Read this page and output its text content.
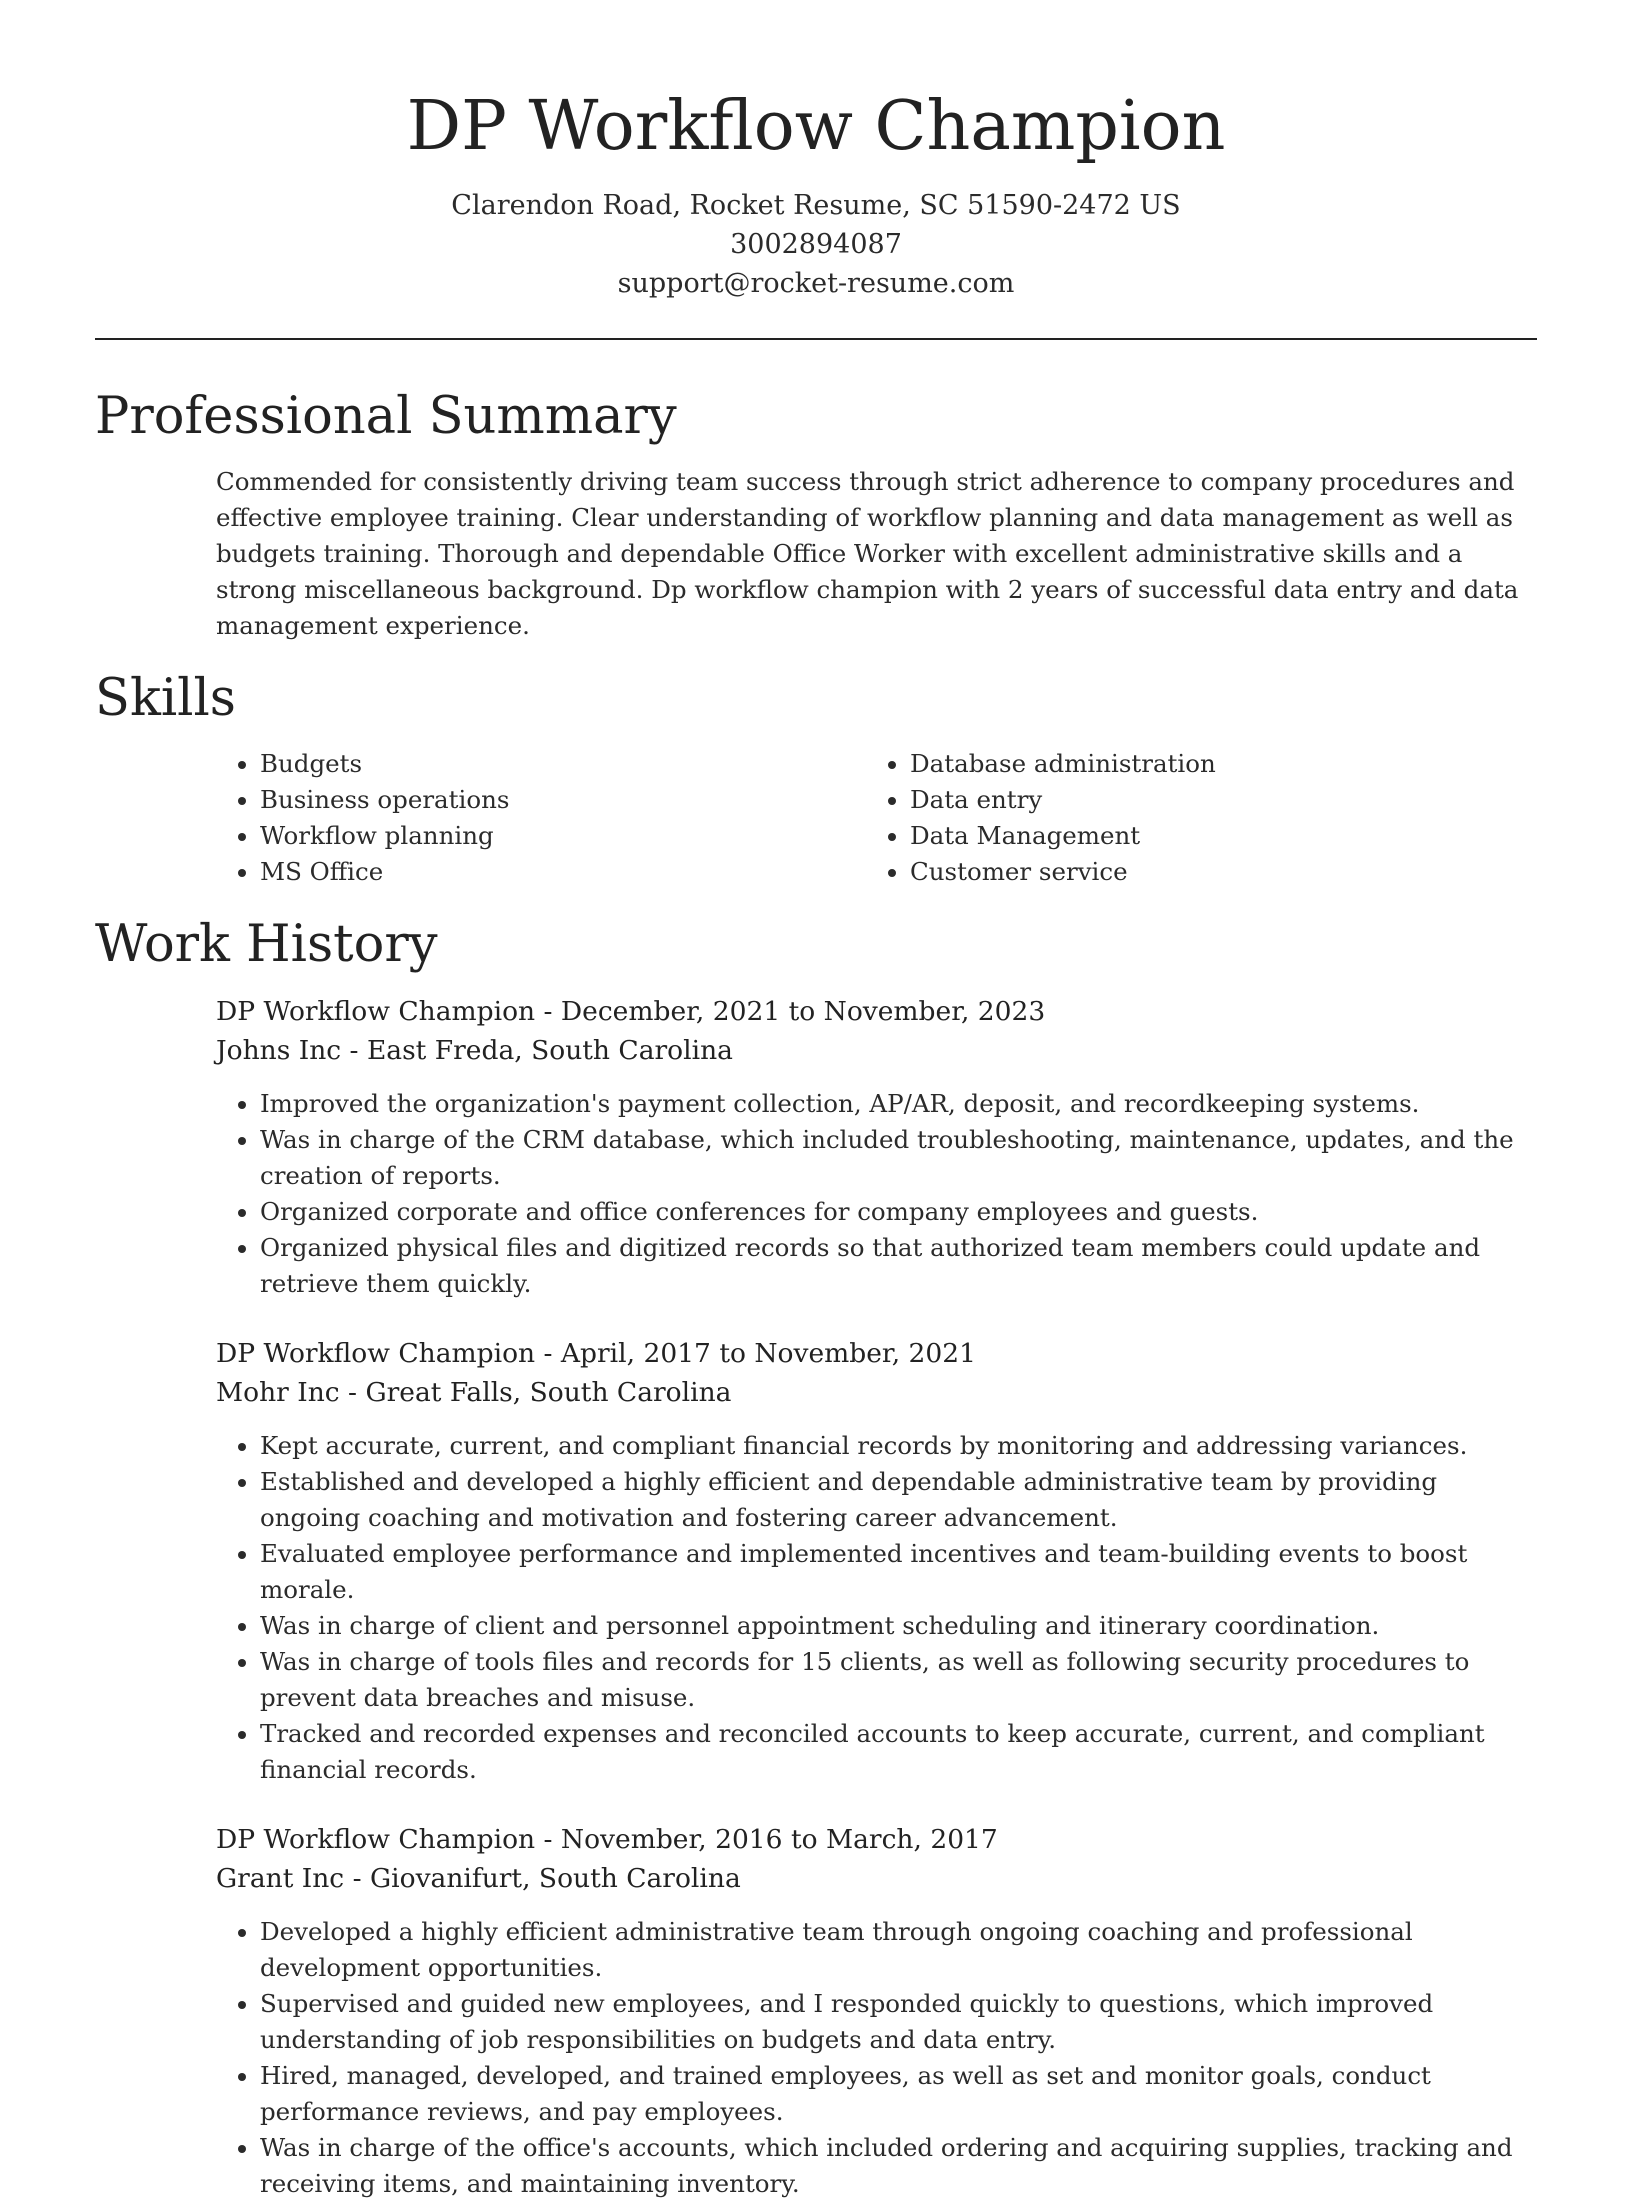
DP Workflow Champion
Clarendon Road, Rocket Resume, SC 51590-2472 US
3002894087
support@rocket-resume.com
Professional Summary

Commended for consistently driving team success through strict adherence to company procedures and effective employee training. Clear understanding of workflow planning and data management as well as budgets training. Thorough and dependable Office Worker with excellent administrative skills and a strong miscellaneous background. Dp workflow champion with 2 years of successful data entry and data management experience.

Skills
• Budgets
• Business operations
• Workflow planning
• MS Office
• Database administration
• Data entry
• Data Management
• Customer service
Work History
DP Workflow Champion - December, 2021 to November, 2023
Johns Inc - East Freda, South Carolina
• Improved the organization's payment collection, AP/AR, deposit, and recordkeeping systems.
• Was in charge of the CRM database, which included troubleshooting, maintenance, updates, and the creation of reports.
• Organized corporate and office conferences for company employees and guests.
• Organized physical files and digitized records so that authorized team members could update and retrieve them quickly.
DP Workflow Champion - April, 2017 to November, 2021
Mohr Inc - Great Falls, South Carolina
• Kept accurate, current, and compliant financial records by monitoring and addressing variances.
• Established and developed a highly efficient and dependable administrative team by providing ongoing coaching and motivation and fostering career advancement.
• Evaluated employee performance and implemented incentives and team-building events to boost morale.
• Was in charge of client and personnel appointment scheduling and itinerary coordination.
• Was in charge of tools files and records for 15 clients, as well as following security procedures to prevent data breaches and misuse.
• Tracked and recorded expenses and reconciled accounts to keep accurate, current, and compliant financial records.
DP Workflow Champion - November, 2016 to March, 2017
Grant Inc - Giovanifurt, South Carolina
• Developed a highly efficient administrative team through ongoing coaching and professional development opportunities.
• Supervised and guided new employees, and I responded quickly to questions, which improved understanding of job responsibilities on budgets and data entry.
• Hired, managed, developed, and trained employees, as well as set and monitor goals, conduct performance reviews, and pay employees.
• Was in charge of the office's accounts, which included ordering and acquiring supplies, tracking and receiving items, and maintaining inventory.
